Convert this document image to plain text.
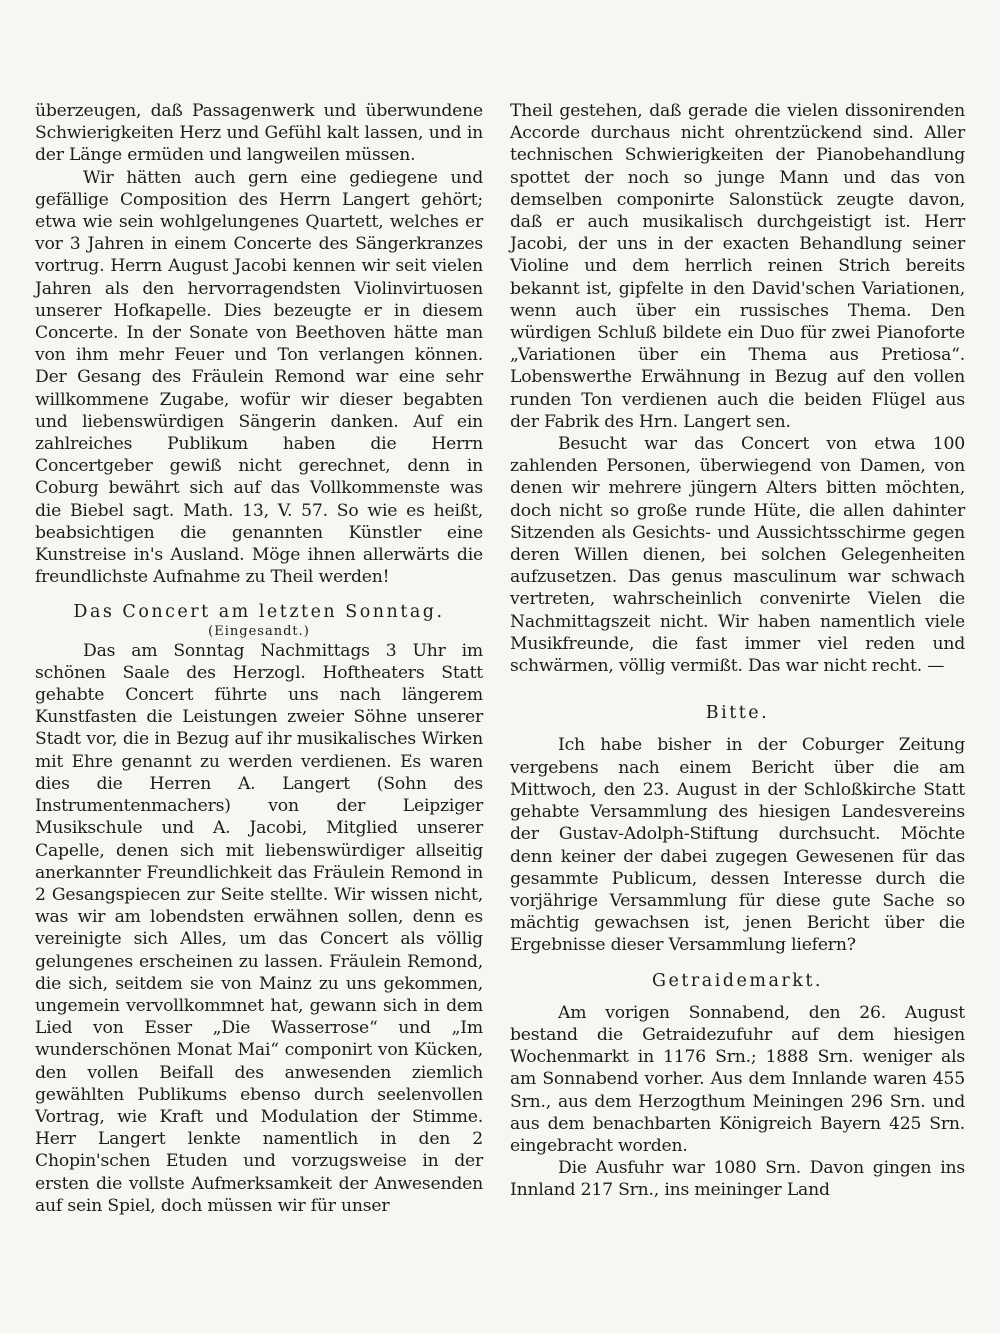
überzeugen, daß Passagenwerk und überwundene Schwierigkeiten Herz und Gefühl kalt lassen, und in der Länge ermüden und langweilen müssen.

Wir hätten auch gern eine gediegene und gefällige Composition des Herrn Langert gehört; etwa wie sein wohlgelungenes Quartett, welches er vor 3 Jahren in einem Concerte des Sängerkranzes vortrug. Herrn August Jacobi kennen wir seit vielen Jahren als den hervorragendsten Violinvirtuosen unserer Hofkapelle. Dies bezeugte er in diesem Concerte. In der Sonate von Beethoven hätte man von ihm mehr Feuer und Ton verlangen können. Der Gesang des Fräulein Remond war eine sehr willkommene Zugabe, wofür wir dieser begabten und liebenswürdigen Sängerin danken. Auf ein zahlreiches Publikum haben die Herrn Concertgeber gewiß nicht gerechnet, denn in Coburg bewährt sich auf das Vollkommenste was die Biebel sagt. Math. 13, V. 57. So wie es heißt, beabsichtigen die genannten Künstler eine Kunstreise in's Ausland. Möge ihnen allerwärts die freundlichste Aufnahme zu Theil werden!

Das Concert am letzten Sonntag.

(Eingesandt.)

Das am Sonntag Nachmittags 3 Uhr im schönen Saale des Herzogl. Hoftheaters Statt gehabte Concert führte uns nach längerem Kunstfasten die Leistungen zweier Söhne unserer Stadt vor, die in Bezug auf ihr musikalisches Wirken mit Ehre genannt zu werden verdienen. Es waren dies die Herren A. Langert (Sohn des Instrumentenmachers) von der Leipziger Musikschule und A. Jacobi, Mitglied unserer Capelle, denen sich mit liebenswürdiger allseitig anerkannter Freundlichkeit das Fräulein Remond in 2 Gesangspiecen zur Seite stellte. Wir wissen nicht, was wir am lobendsten erwähnen sollen, denn es vereinigte sich Alles, um das Concert als völlig gelungenes erscheinen zu lassen. Fräulein Remond, die sich, seitdem sie von Mainz zu uns gekommen, ungemein vervollkommnet hat, gewann sich in dem Lied von Esser „Die Wasserrose“ und „Im wunderschönen Monat Mai“ componirt von Kücken, den vollen Beifall des anwesenden ziemlich gewählten Publikums ebenso durch seelenvollen Vortrag, wie Kraft und Modulation der Stimme. Herr Langert lenkte namentlich in den 2 Chopin'schen Etuden und vorzugsweise in der ersten die vollste Aufmerksamkeit der Anwesenden auf sein Spiel, doch müssen wir für unser

Theil gestehen, daß gerade die vielen dissonirenden Accorde durchaus nicht ohrentzückend sind. Aller technischen Schwierigkeiten der Pianobehandlung spottet der noch so junge Mann und das von demselben componirte Salonstück zeugte davon, daß er auch musikalisch durchgeistigt ist. Herr Jacobi, der uns in der exacten Behandlung seiner Violine und dem herrlich reinen Strich bereits bekannt ist, gipfelte in den David'schen Variationen, wenn auch über ein russisches Thema. Den würdigen Schluß bildete ein Duo für zwei Pianoforte „Variationen über ein Thema aus Pretiosa“. Lobenswerthe Erwähnung in Bezug auf den vollen runden Ton verdienen auch die beiden Flügel aus der Fabrik des Hrn. Langert sen.

Besucht war das Concert von etwa 100 zahlenden Personen, überwiegend von Damen, von denen wir mehrere jüngern Alters bitten möchten, doch nicht so große runde Hüte, die allen dahinter Sitzenden als Gesichts- und Aussichtsschirme gegen deren Willen dienen, bei solchen Gelegenheiten aufzusetzen. Das genus masculinum war schwach vertreten, wahrscheinlich convenirte Vielen die Nachmittagszeit nicht. Wir haben namentlich viele Musikfreunde, die fast immer viel reden und schwärmen, völlig vermißt. Das war nicht recht. —

Bitte.

Ich habe bisher in der Coburger Zeitung vergebens nach einem Bericht über die am Mittwoch, den 23. August in der Schloßkirche Statt gehabte Versammlung des hiesigen Landesvereins der Gustav-Adolph-Stiftung durchsucht. Möchte denn keiner der dabei zugegen Gewesenen für das gesammte Publicum, dessen Interesse durch die vorjährige Versammlung für diese gute Sache so mächtig gewachsen ist, jenen Bericht über die Ergebnisse dieser Versammlung liefern?

Getraidemarkt.

Am vorigen Sonnabend, den 26. August bestand die Getraidezufuhr auf dem hiesigen Wochenmarkt in 1176 Srn.; 1888 Srn. weniger als am Sonnabend vorher. Aus dem Innlande waren 455 Srn., aus dem Herzogthum Meiningen 296 Srn. und aus dem benachbarten Königreich Bayern 425 Srn. eingebracht worden.

Die Ausfuhr war 1080 Srn. Davon gingen ins Innland 217 Srn., ins meininger Land
